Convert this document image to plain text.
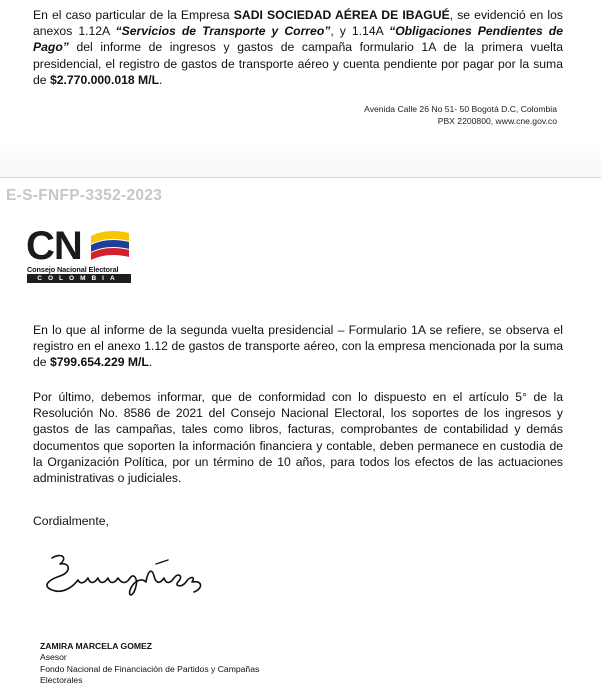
En el caso particular de la Empresa SADI SOCIEDAD AÉREA DE IBAGUÉ, se evidenció en los anexos 1.12A “Servicios de Transporte y Correo”, y 1.14A “Obligaciones Pendientes de Pago” del informe de ingresos y gastos de campaña formulario 1A de la primera vuelta presidencial, el registro de gastos de transporte aéreo y cuenta pendiente por pagar por la suma de $2.770.000.018 M/L.

Avenida Calle 26 No 51- 50 Bogotá D.C, Colombia
PBX 2200800, www.cne.gov.co
E-S-FNFP-3352-2023
CN
Consejo Nacional Electoral
COLOMBIA

En lo que al informe de la segunda vuelta presidencial – Formulario 1A se refiere, se observa el registro en el anexo 1.12 de gastos de transporte aéreo, con la empresa mencionada por la suma de $799.654.229 M/L.

Por último, debemos informar, que de conformidad con lo dispuesto en el artículo 5° de la Resolución No. 8586 de 2021 del Consejo Nacional Electoral, los soportes de los ingresos y gastos de las campañas, tales como libros, facturas, comprobantes de contabilidad y demás documentos que soporten la información financiera y contable, deben permanece en custodia de la Organización Política, por un término de 10 años, para todos los efectos de las actuaciones administrativas o judiciales.

Cordialmente,
ZAMIRA MARCELA GOMEZ
Asesor
Fondo Nacional de Financiación de Partidos y Campañas
Electorales
